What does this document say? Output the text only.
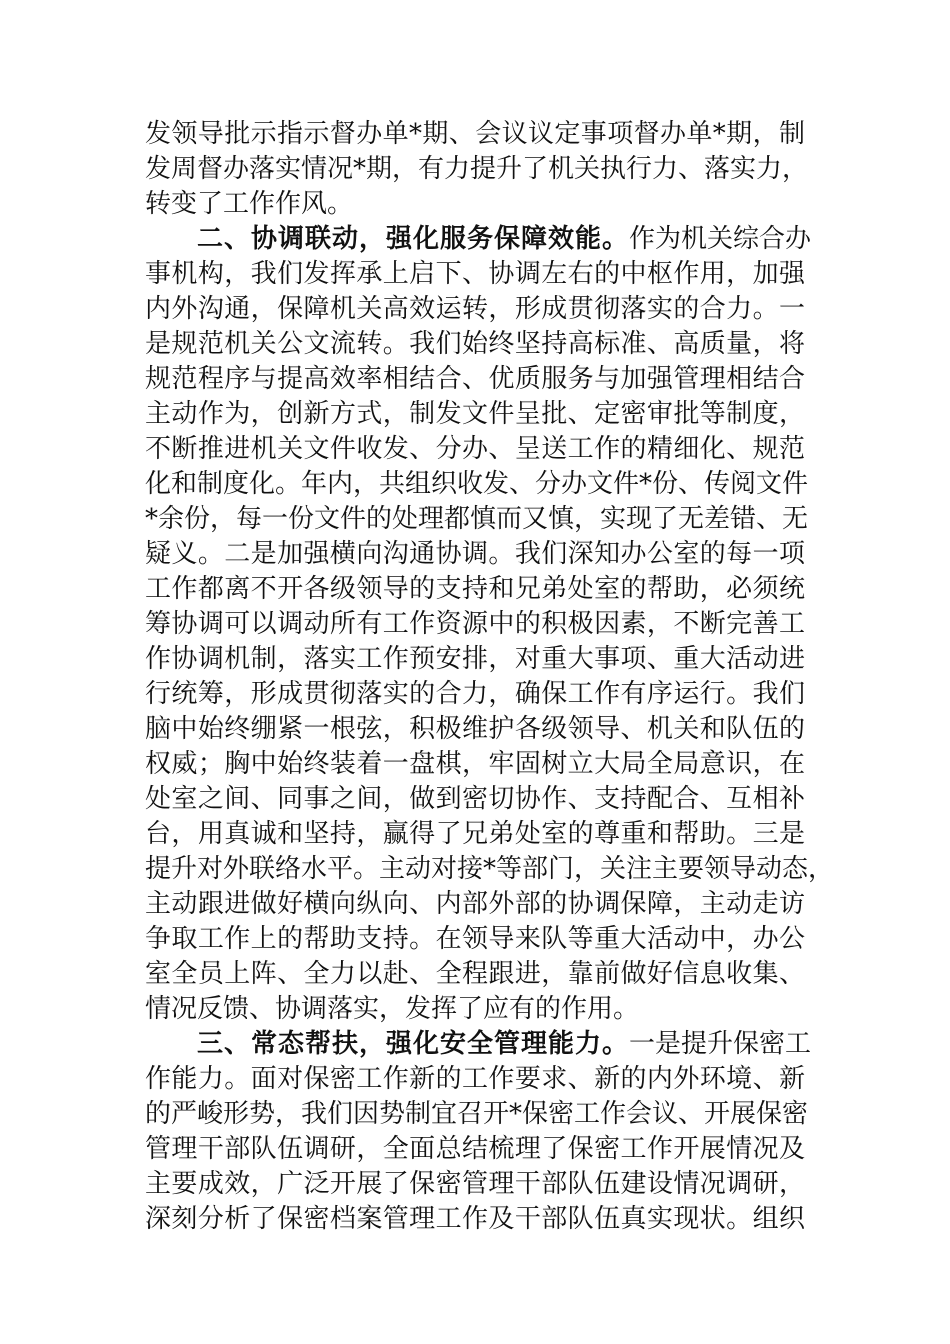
发领导批示指示督办单*期、会议议定事项督办单*期，制
发周督办落实情况*期，有力提升了机关执行力、落实力，
转变了工作作风。
二、协调联动，强化服务保障效能。作为机关综合办
事机构，我们发挥承上启下、协调左右的中枢作用，加强
内外沟通，保障机关高效运转，形成贯彻落实的合力。一
是规范机关公文流转。我们始终坚持高标准、高质量，将
规范程序与提高效率相结合、优质服务与加强管理相结合
主动作为，创新方式，制发文件呈批、定密审批等制度，
不断推进机关文件收发、分办、呈送工作的精细化、规范
化和制度化。年内，共组织收发、分办文件*份、传阅文件
*余份，每一份文件的处理都慎而又慎，实现了无差错、无
疑义。二是加强横向沟通协调。我们深知办公室的每一项
工作都离不开各级领导的支持和兄弟处室的帮助，必须统
筹协调可以调动所有工作资源中的积极因素，不断完善工
作协调机制，落实工作预安排，对重大事项、重大活动进
行统筹，形成贯彻落实的合力，确保工作有序运行。我们
脑中始终绷紧一根弦，积极维护各级领导、机关和队伍的
权威；胸中始终装着一盘棋，牢固树立大局全局意识，在
处室之间、同事之间，做到密切协作、支持配合、互相补
台，用真诚和坚持，赢得了兄弟处室的尊重和帮助。三是
提升对外联络水平。主动对接*等部门，关注主要领导动态，
主动跟进做好横向纵向、内部外部的协调保障，主动走访
争取工作上的帮助支持。在领导来队等重大活动中，办公
室全员上阵、全力以赴、全程跟进，靠前做好信息收集、
情况反馈、协调落实，发挥了应有的作用。
三、常态帮扶，强化安全管理能力。一是提升保密工
作能力。面对保密工作新的工作要求、新的内外环境、新
的严峻形势，我们因势制宜召开*保密工作会议、开展保密
管理干部队伍调研，全面总结梳理了保密工作开展情况及
主要成效，广泛开展了保密管理干部队伍建设情况调研，
深刻分析了保密档案管理工作及干部队伍真实现状。组织
